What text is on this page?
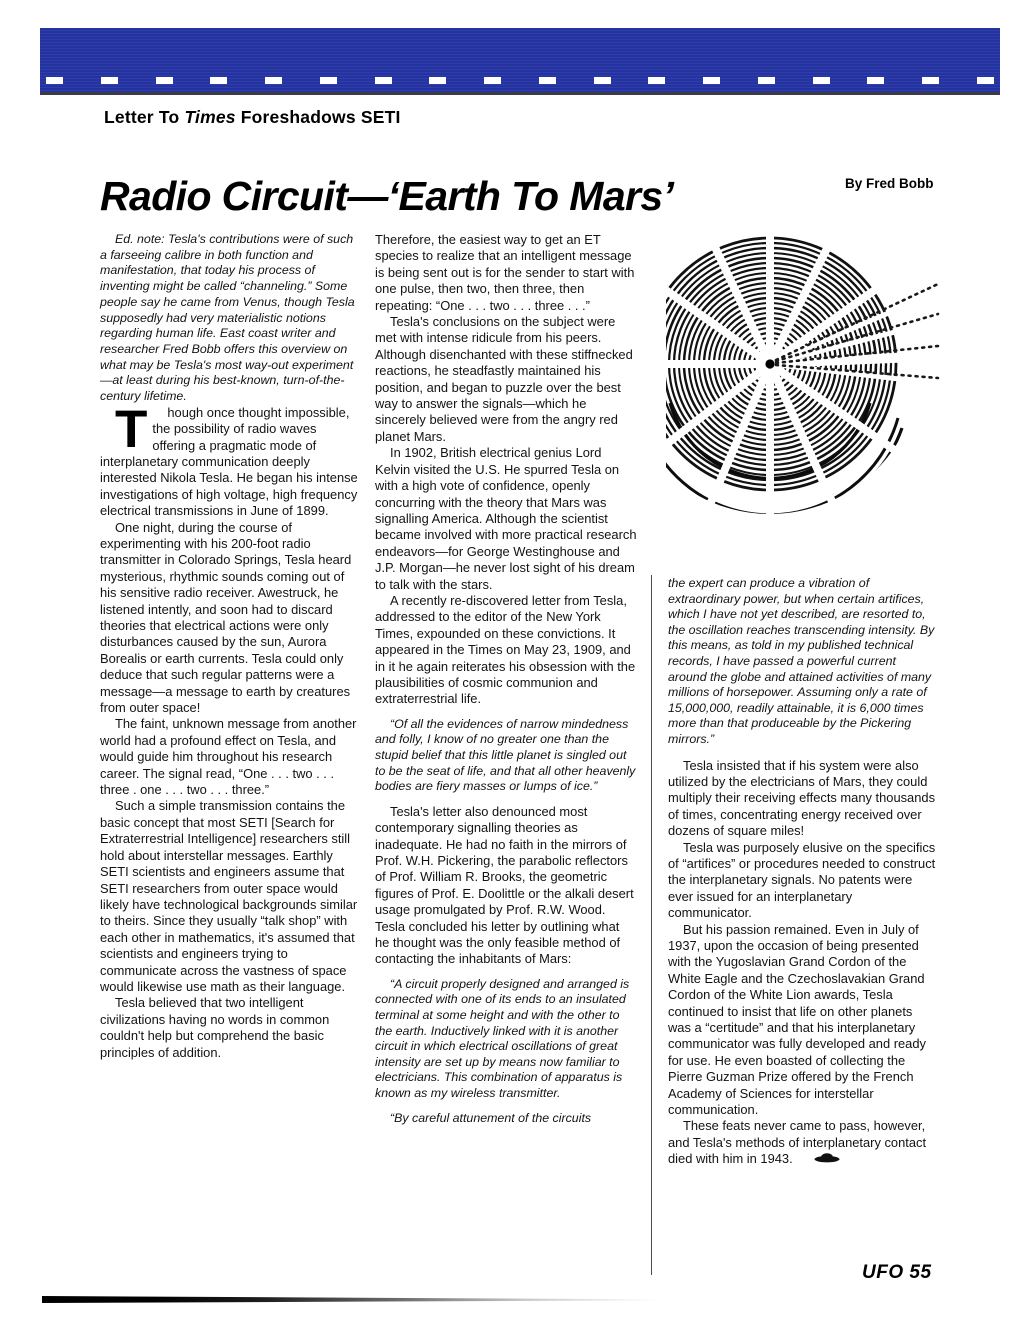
Letter To Times Foreshadows SETI
Radio Circuit—‘Earth To Mars’	By Fred Bobb

Ed. note: Tesla's contributions were of such a farseeing calibre in both function and manifestation, that today his process of inventing might be called “channeling.” Some people say he came from Venus, though Tesla supposedly had very materialistic notions regarding human life. East coast writer and researcher Fred Bobb offers this overview on what may be Tesla's most way-out experiment—at least during his best-known, turn-of-the-century lifetime.

T	hough once thought impossible, the possibility of radio waves offering a pragmatic mode of interplanetary communication deeply interested Nikola Tesla. He began his intense investigations of high voltage, high frequency electrical transmissions in June of 1899.

One night, during the course of experimenting with his 200-foot radio transmitter in Colorado Springs, Tesla heard mysterious, rhythmic sounds coming out of his sensitive radio receiver. Awestruck, he listened intently, and soon had to discard theories that electrical actions were only disturbances caused by the sun, Aurora Borealis or earth currents. Tesla could only deduce that such regular patterns were a message—a message to earth by creatures from outer space!

The faint, unknown message from another world had a profound effect on Tesla, and would guide him throughout his research career. The signal read, “One . . . two . . . three . one . . . two . . . three.”

Such a simple transmission contains the basic concept that most SETI [Search for Extraterrestrial Intelligence] researchers still hold about interstellar messages. Earthly SETI scientists and engineers assume that SETI researchers from outer space would likely have technological backgrounds similar to theirs. Since they usually “talk shop” with each other in mathematics, it's assumed that scientists and engineers trying to communicate across the vastness of space would likewise use math as their language.

Tesla believed that two intelligent civilizations having no words in common couldn't help but comprehend the basic principles of addition.

Therefore, the easiest way to get an ET species to realize that an intelligent message is being sent out is for the sender to start with one pulse, then two, then three, then repeating: “One . . . two . . . three . . .”

Tesla's conclusions on the subject were met with intense ridicule from his peers. Although disenchanted with these stiffnecked reactions, he steadfastly maintained his position, and began to puzzle over the best way to answer the signals—which he sincerely believed were from the angry red planet Mars.

In 1902, British electrical genius Lord Kelvin visited the U.S. He spurred Tesla on with a high vote of confidence, openly concurring with the theory that Mars was signalling America. Although the scientist became involved with more practical research endeavors—for George Westinghouse and J.P. Morgan—he never lost sight of his dream to talk with the stars.

A recently re-discovered letter from Tesla, addressed to the editor of the New York Times, expounded on these convictions. It appeared in the Times on May 23, 1909, and in it he again reiterates his obsession with the plausibilities of cosmic communion and extraterrestrial life.

“Of all the evidences of narrow mindedness and folly, I know of no greater one than the stupid belief that this little planet is singled out to be the seat of life, and that all other heavenly bodies are fiery masses or lumps of ice.”

Tesla's letter also denounced most contemporary signalling theories as inadequate. He had no faith in the mirrors of Prof. W.H. Pickering, the parabolic reflectors of Prof. William R. Brooks, the geometric figures of Prof. E. Doolittle or the alkali desert usage promulgated by Prof. R.W. Wood. Tesla concluded his letter by outlining what he thought was the only feasible method of contacting the inhabitants of Mars:

“A circuit properly designed and arranged is connected with one of its ends to an insulated terminal at some height and with the other to the earth. Inductively linked with it is another circuit in which electrical oscillations of great intensity are set up by means now familiar to electricians. This combination of apparatus is known as my wireless transmitter.

“By careful attunement of the circuits

the expert can produce a vibration of extraordinary power, but when certain artifices, which I have not yet described, are resorted to, the oscillation reaches transcending intensity. By this means, as told in my published technical records, I have passed a powerful current around the globe and attained activities of many millions of horsepower. Assuming only a rate of 15,000,000, readily attainable, it is 6,000 times more than that produceable by the Pickering mirrors.”

Tesla insisted that if his system were also utilized by the electricians of Mars, they could multiply their receiving effects many thousands of times, concentrating energy received over dozens of square miles!

Tesla was purposely elusive on the specifics of “artifices” or procedures needed to construct the interplanetary signals. No patents were ever issued for an interplanetary communicator.

But his passion remained. Even in July of 1937, upon the occasion of being presented with the Yugoslavian Grand Cordon of the White Eagle and the Czechoslavakian Grand Cordon of the White Lion awards, Tesla continued to insist that life on other planets was a “certitude” and that his interplanetary communicator was fully developed and ready for use. He even boasted of collecting the Pierre Guzman Prize offered by the French Academy of Sciences for interstellar communication.

These feats never came to pass, however, and Tesla's methods of interplanetary contact died with him in 1943.

UFO 55
